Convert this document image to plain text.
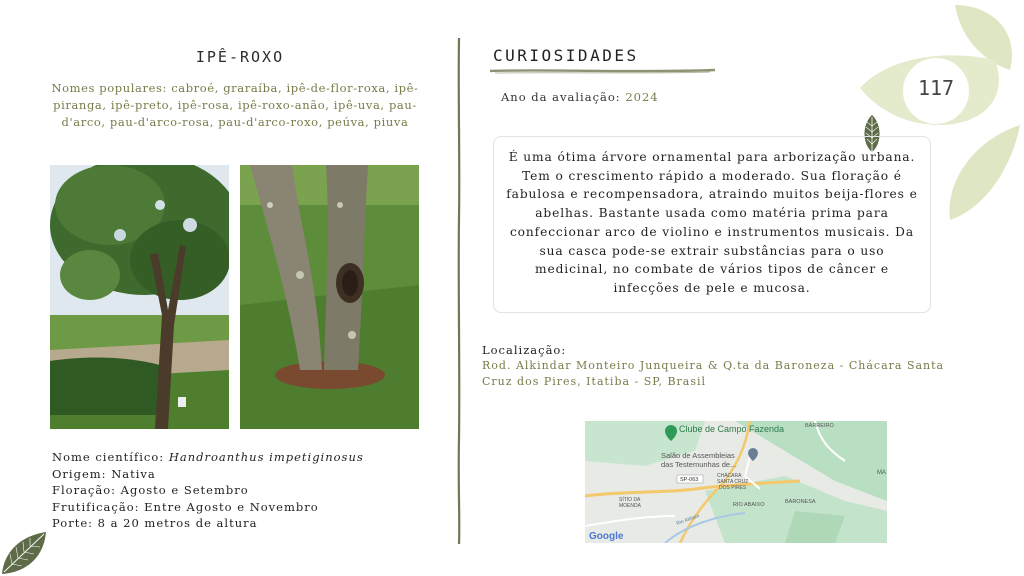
117
IPÊ-ROXO
Nomes populares: cabroé, graraíba, ipê-de-flor-roxa, ipê-piranga, ipê-preto, ipê-rosa, ipê-roxo-anão, ipê-uva, pau-d'arco, pau-d'arco-rosa, pau-d'arco-roxo, peúva, piuva
Nome científico: Handroanthus impetiginosus
Origem: Nativa
Floração: Agosto e Setembro
Frutificação: Entre Agosto e Novembro
Porte: 8 a 20 metros de altura
CURIOSIDADES
Ano da avaliação: 2024
É uma ótima árvore ornamental para arborização urbana. Tem o crescimento rápido a moderado. Sua floração é fabulosa e recompensadora, atraindo muitos beija-flores e abelhas. Bastante usada como matéria prima para confeccionar arco de violino e instrumentos musicais. Da sua casca pode-se extrair substâncias para o uso medicinal, no combate de vários tipos de câncer e infecções de pele e mucosa.
Localização:
Rod. Alkindar Monteiro Junqueira & Q.ta da Baroneza - Chácara Santa Cruz dos Pires, Itatiba - SP, Brasil
Clube de Campo Fazenda	BARREIRO
Salão de Assembleias
das Testemunhas de...
SP-063
CHÁCARA
SANTA CRUZ
DOS PIRES
SÍTIO DA
MOENDA	RIO ABAIXO	BARONESA
Rio Atibaia
MA
Google
